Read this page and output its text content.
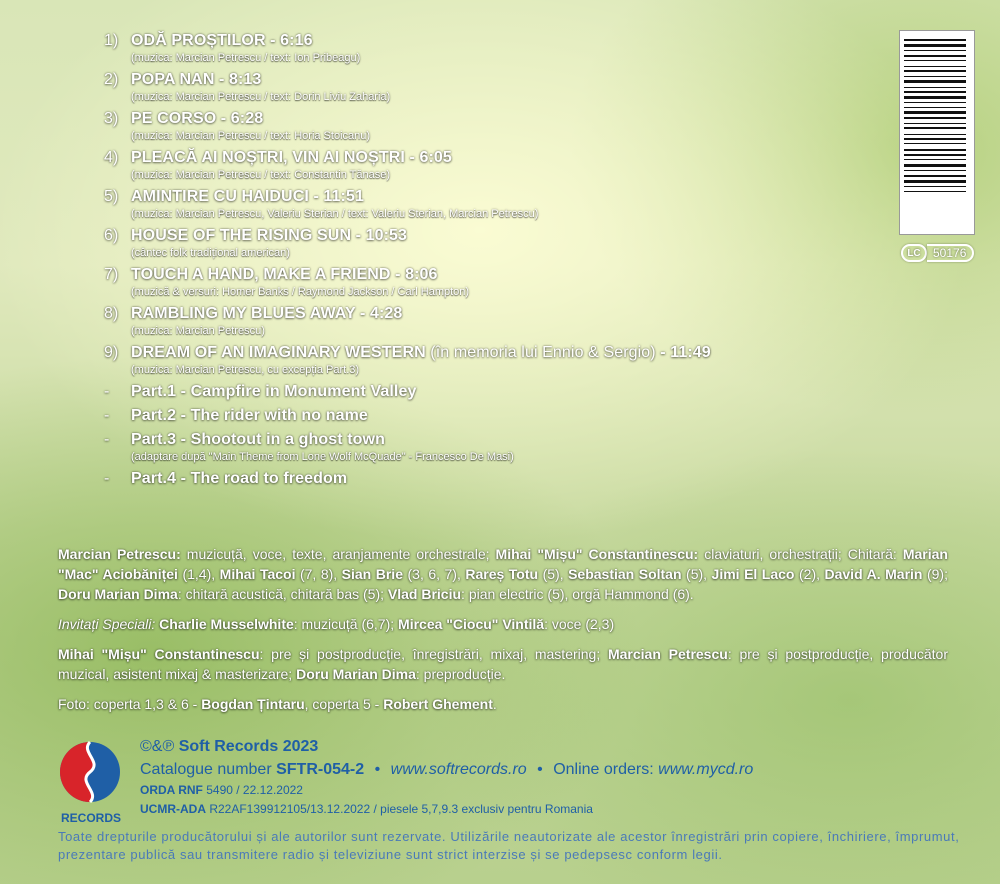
1) ODĂ PROȘTILOR - 6:16
(muzica: Marcian Petrescu / text: Ion Pribeagu)
2) POPA NAN - 8:13
(muzica: Marcian Petrescu / text: Dorin Liviu Zaharia)
3) PE CORSO - 6:28
(muzica: Marcian Petrescu / text: Horia Stoicanu)
4) PLEACĂ AI NOȘTRI, VIN AI NOȘTRI - 6:05
(muzica: Marcian Petrescu / text: Constantin Tănase)
5) AMINTIRE CU HAIDUCI - 11:51
(muzica: Marcian Petrescu, Valeriu Sterian / text: Valeriu Sterian, Marcian Petrescu)
6) HOUSE OF THE RISING SUN - 10:53
(cântec folk tradițional american)
7) TOUCH A HAND, MAKE A FRIEND - 8:06
(muzică & versuri: Homer Banks / Raymond Jackson / Carl Hampton)
8) RAMBLING MY BLUES AWAY - 4:28
(muzica: Marcian Petrescu)
9) DREAM OF AN IMAGINARY WESTERN (în memoria lui Ennio & Sergio) - 11:49
(muzica: Marcian Petrescu, cu excepția Part.3)
- Part.1 - Campfire in Monument Valley
- Part.2 - The rider with no name
- Part.3 - Shootout in a ghost town
(adaptare după "Main Theme from Lone Wolf McQuade" - Francesco De Masi)
- Part.4 - The road to freedom
LC	50176

Marcian Petrescu: muzicuță, voce, texte, aranjamente orchestrale; Mihai "Mișu" Constantinescu: claviaturi, orchestrații; Chitară: Marian "Mac" Aciobăniței (1,4), Mihai Tacoi (7, 8), Sian Brie (3, 6, 7), Rareș Totu (5), Sebastian Soltan (5), Jimi El Laco (2), David A. Marin (9); Doru Marian Dima: chitară acustică, chitară bas (5); Vlad Briciu: pian electric (5), orgă Hammond (6).

Invitați Speciali: Charlie Musselwhite: muzicuță (6,7); Mircea "Ciocu" Vintilă: voce (2,3)

Mihai "Mișu" Constantinescu: pre și postproducție, înregistrări, mixaj, mastering; Marcian Petrescu: pre și postproducție, producător muzical, asistent mixaj & masterizare; Doru Marian Dima: preproducție.

Foto: coperta 1,3 & 6 - Bogdan Țintaru, coperta 5 - Robert Ghement.

RECORDS
©&℗ Soft Records 2023
Catalogue number SFTR-054-2 • www.softrecords.ro • Online orders: www.mycd.ro
ORDA RNF 5490 / 22.12.2022
UCMR-ADA R22AF139912105/13.12.2022 / piesele 5,7,9.3 exclusiv pentru Romania
Toate drepturile producătorului și ale autorilor sunt rezervate. Utilizările neautorizate ale acestor înregistrări prin copiere, închiriere, împrumut, prezentare publică sau transmitere radio și televiziune sunt strict interzise și se pedepsesc conform legii.
